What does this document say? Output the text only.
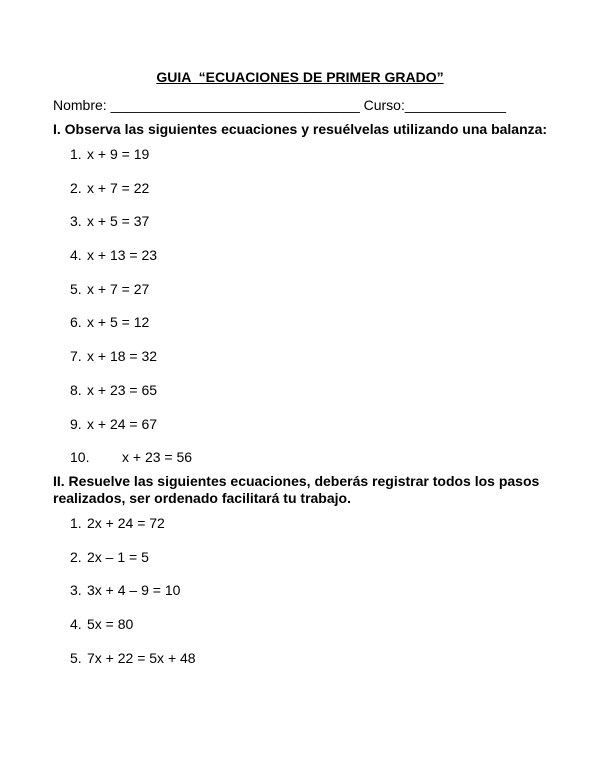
GUIA  “ECUACIONES DE PRIMER GRADO”
Nombre: ________________________________ Curso:_____________
I. Observa las siguientes ecuaciones y resuélvelas utilizando una balanza:
1. x + 9 = 19
2. x + 7 = 22
3. x + 5 = 37
4. x + 13 = 23
5. x + 7 = 27
6. x + 5 = 12
7. x + 18 = 32
8. x + 23 = 65
9. x + 24 = 67
10. x + 23 = 56
II. Resuelve las siguientes ecuaciones, deberás registrar todos los pasos realizados, ser ordenado facilitará tu trabajo.
1. 2x + 24 = 72
2. 2x – 1 = 5
3. 3x + 4 – 9 = 10
4. 5x = 80
5. 7x + 22 = 5x + 48
